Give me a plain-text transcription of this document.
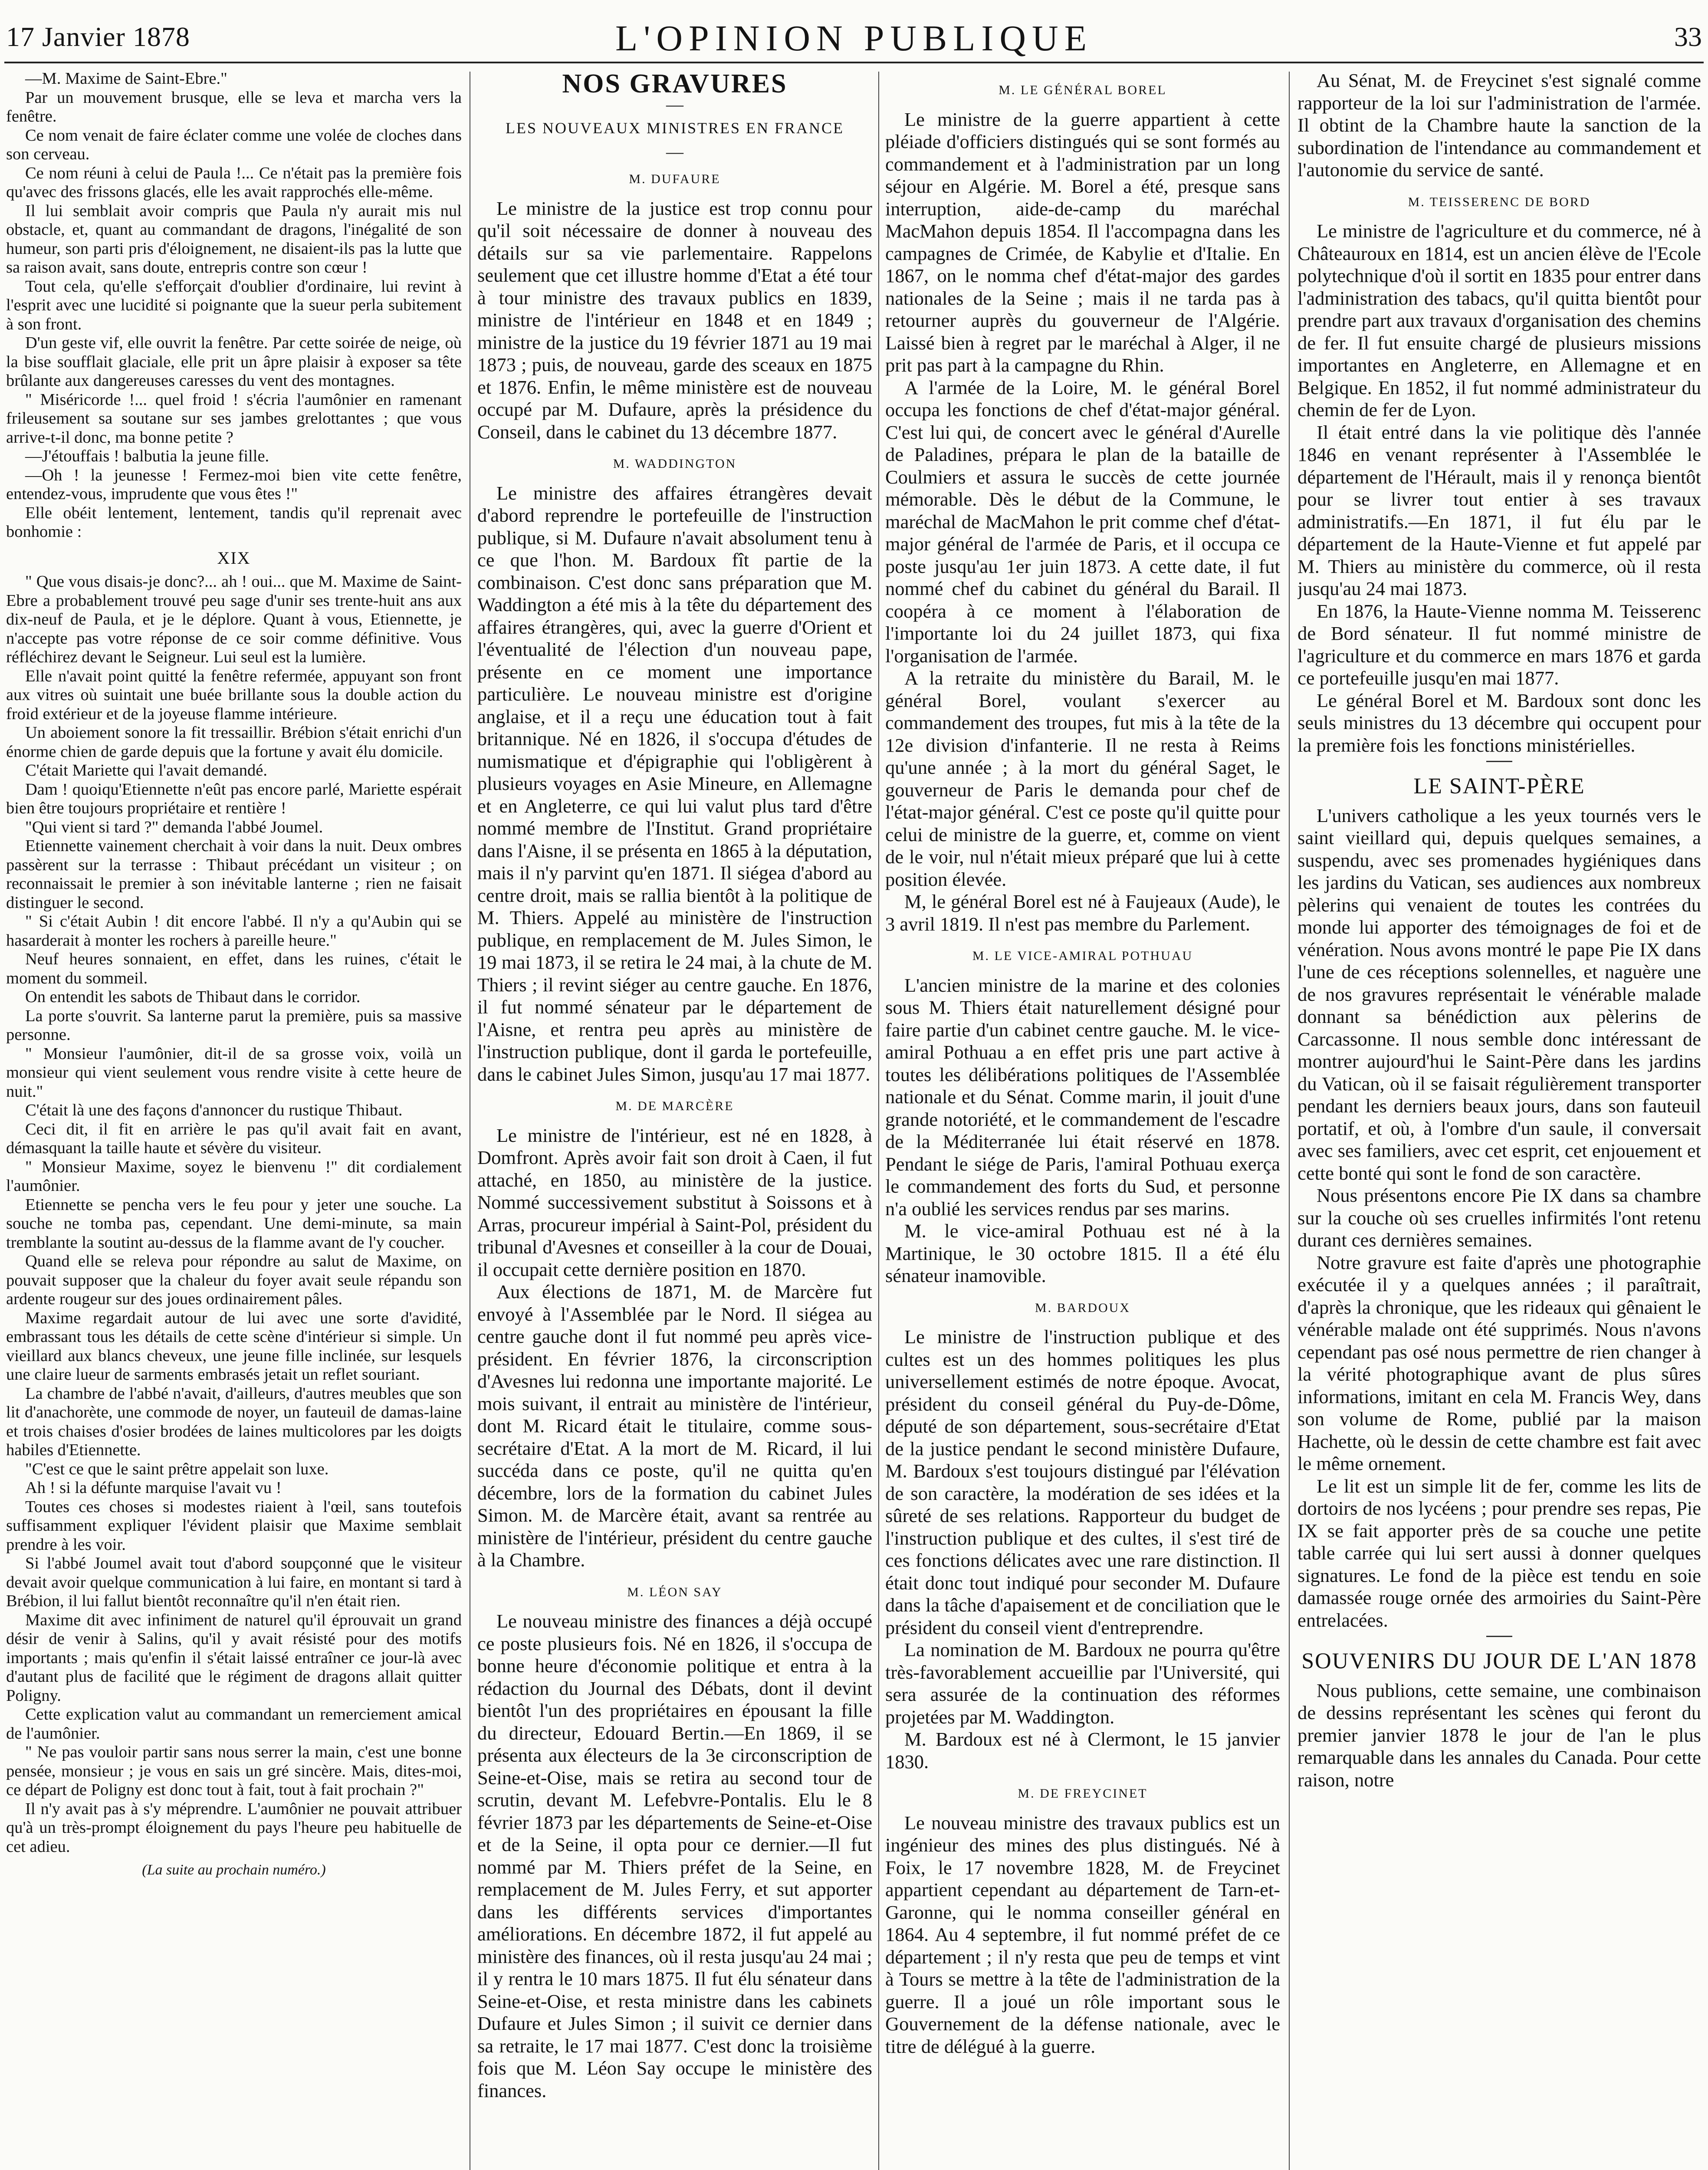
17 Janvier 1878	L'OPINION PUBLIQUE	33

—M. Maxime de Saint-Ebre."

Par un mouvement brusque, elle se leva et marcha vers la fenêtre.

Ce nom venait de faire éclater comme une volée de cloches dans son cerveau.

Ce nom réuni à celui de Paula !... Ce n'était pas la première fois qu'avec des frissons glacés, elle les avait rapprochés elle-même.

Il lui semblait avoir compris que Paula n'y aurait mis nul obstacle, et, quant au commandant de dragons, l'inégalité de son humeur, son parti pris d'éloignement, ne disaient-ils pas la lutte que sa raison avait, sans doute, entrepris contre son cœur !

Tout cela, qu'elle s'efforçait d'oublier d'ordinaire, lui revint à l'esprit avec une lucidité si poignante que la sueur perla subitement à son front.

D'un geste vif, elle ouvrit la fenêtre. Par cette soirée de neige, où la bise soufflait glaciale, elle prit un âpre plaisir à exposer sa tête brûlante aux dangereuses caresses du vent des montagnes.

" Miséricorde !... quel froid ! s'écria l'aumônier en ramenant frileusement sa soutane sur ses jambes grelottantes ; que vous arrive-t-il donc, ma bonne petite ?

—J'étouffais ! balbutia la jeune fille.

—Oh ! la jeunesse ! Fermez-moi bien vite cette fenêtre, entendez-vous, imprudente que vous êtes !"

Elle obéit lentement, lentement, tandis qu'il reprenait avec bonhomie :

XIX

" Que vous disais-je donc?... ah ! oui... que M. Maxime de Saint-Ebre a probablement trouvé peu sage d'unir ses trente-huit ans aux dix-neuf de Paula, et je le déplore. Quant à vous, Etiennette, je n'accepte pas votre réponse de ce soir comme définitive. Vous réfléchirez devant le Seigneur. Lui seul est la lumière.

Elle n'avait point quitté la fenêtre refermée, appuyant son front aux vitres où suintait une buée brillante sous la double action du froid extérieur et de la joyeuse flamme intérieure.

Un aboiement sonore la fit tressaillir. Brébion s'était enrichi d'un énorme chien de garde depuis que la fortune y avait élu domicile.

C'était Mariette qui l'avait demandé.

Dam ! quoiqu'Etiennette n'eût pas encore parlé, Mariette espérait bien être toujours propriétaire et rentière !

"Qui vient si tard ?" demanda l'abbé Joumel.

Etiennette vainement cherchait à voir dans la nuit. Deux ombres passèrent sur la terrasse : Thibaut précédant un visiteur ; on reconnaissait le premier à son inévitable lanterne ; rien ne faisait distinguer le second.

" Si c'était Aubin ! dit encore l'abbé. Il n'y a qu'Aubin qui se hasarderait à monter les rochers à pareille heure."

Neuf heures sonnaient, en effet, dans les ruines, c'était le moment du sommeil.

On entendit les sabots de Thibaut dans le corridor.

La porte s'ouvrit. Sa lanterne parut la première, puis sa massive personne.

" Monsieur l'aumônier, dit-il de sa grosse voix, voilà un monsieur qui vient seulement vous rendre visite à cette heure de nuit."

C'était là une des façons d'annoncer du rustique Thibaut.

Ceci dit, il fit en arrière le pas qu'il avait fait en avant, démasquant la taille haute et sévère du visiteur.

" Monsieur Maxime, soyez le bienvenu !" dit cordialement l'aumônier.

Etiennette se pencha vers le feu pour y jeter une souche. La souche ne tomba pas, cependant. Une demi-minute, sa main tremblante la soutint au-dessus de la flamme avant de l'y coucher.

Quand elle se releva pour répondre au salut de Maxime, on pouvait supposer que la chaleur du foyer avait seule répandu son ardente rougeur sur des joues ordinairement pâles.

Maxime regardait autour de lui avec une sorte d'avidité, embrassant tous les détails de cette scène d'intérieur si simple. Un vieillard aux blancs cheveux, une jeune fille inclinée, sur lesquels une claire lueur de sarments embrasés jetait un reflet souriant.

La chambre de l'abbé n'avait, d'ailleurs, d'autres meubles que son lit d'anachorète, une commode de noyer, un fauteuil de damas-laine et trois chaises d'osier brodées de laines multicolores par les doigts habiles d'Etiennette.

"C'est ce que le saint prêtre appelait son luxe.

Ah ! si la défunte marquise l'avait vu !

Toutes ces choses si modestes riaient à l'œil, sans toutefois suffisamment expliquer l'évident plaisir que Maxime semblait prendre à les voir.

Si l'abbé Joumel avait tout d'abord soupçonné que le visiteur devait avoir quelque communication à lui faire, en montant si tard à Brébion, il lui fallut bientôt reconnaître qu'il n'en était rien.

Maxime dit avec infiniment de naturel qu'il éprouvait un grand désir de venir à Salins, qu'il y avait résisté pour des motifs importants ; mais qu'enfin il s'était laissé entraîner ce jour-là avec d'autant plus de facilité que le régiment de dragons allait quitter Poligny.

Cette explication valut au commandant un remerciement amical de l'aumônier.

" Ne pas vouloir partir sans nous serrer la main, c'est une bonne pensée, monsieur ; je vous en sais un gré sincère. Mais, dites-moi, ce départ de Poligny est donc tout à fait, tout à fait prochain ?"

Il n'y avait pas à s'y méprendre. L'aumônier ne pouvait attribuer qu'à un très-prompt éloignement du pays l'heure peu habituelle de cet adieu.

(La suite au prochain numéro.)
NOS GRAVURES
—
LES NOUVEAUX MINISTRES EN FRANCE
—
M. DUFAURE

Le ministre de la justice est trop connu pour qu'il soit nécessaire de donner à nouveau des détails sur sa vie parlementaire. Rappelons seulement que cet illustre homme d'Etat a été tour à tour ministre des travaux publics en 1839, ministre de l'intérieur en 1848 et en 1849 ; ministre de la justice du 19 février 1871 au 19 mai 1873 ; puis, de nouveau, garde des sceaux en 1875 et 1876. Enfin, le même ministère est de nouveau occupé par M. Dufaure, après la présidence du Conseil, dans le cabinet du 13 décembre 1877.

M. WADDINGTON

Le ministre des affaires étrangères devait d'abord reprendre le portefeuille de l'instruction publique, si M. Dufaure n'avait absolument tenu à ce que l'hon. M. Bardoux fît partie de la combinaison. C'est donc sans préparation que M. Waddington a été mis à la tête du département des affaires étrangères, qui, avec la guerre d'Orient et l'éventualité de l'élection d'un nouveau pape, présente en ce moment une importance particulière. Le nouveau ministre est d'origine anglaise, et il a reçu une éducation tout à fait britannique. Né en 1826, il s'occupa d'études de numismatique et d'épigraphie qui l'obligèrent à plusieurs voyages en Asie Mineure, en Allemagne et en Angleterre, ce qui lui valut plus tard d'être nommé membre de l'Institut. Grand propriétaire dans l'Aisne, il se présenta en 1865 à la députation, mais il n'y parvint qu'en 1871. Il siégea d'abord au centre droit, mais se rallia bientôt à la politique de M. Thiers. Appelé au ministère de l'instruction publique, en remplacement de M. Jules Simon, le 19 mai 1873, il se retira le 24 mai, à la chute de M. Thiers ; il revint siéger au centre gauche. En 1876, il fut nommé sénateur par le département de l'Aisne, et rentra peu après au ministère de l'instruction publique, dont il garda le portefeuille, dans le cabinet Jules Simon, jusqu'au 17 mai 1877.

M. DE MARCÈRE

Le ministre de l'intérieur, est né en 1828, à Domfront. Après avoir fait son droit à Caen, il fut attaché, en 1850, au ministère de la justice. Nommé successivement substitut à Soissons et à Arras, procureur impérial à Saint-Pol, président du tribunal d'Avesnes et conseiller à la cour de Douai, il occupait cette dernière position en 1870.

Aux élections de 1871, M. de Marcère fut envoyé à l'Assemblée par le Nord. Il siégea au centre gauche dont il fut nommé peu après vice-président. En février 1876, la circonscription d'Avesnes lui redonna une importante majorité. Le mois suivant, il entrait au ministère de l'intérieur, dont M. Ricard était le titulaire, comme sous-secrétaire d'Etat. A la mort de M. Ricard, il lui succéda dans ce poste, qu'il ne quitta qu'en décembre, lors de la formation du cabinet Jules Simon. M. de Marcère était, avant sa rentrée au ministère de l'intérieur, président du centre gauche à la Chambre.

M. LÉON SAY

Le nouveau ministre des finances a déjà occupé ce poste plusieurs fois. Né en 1826, il s'occupa de bonne heure d'économie politique et entra à la rédaction du Journal des Débats, dont il devint bientôt l'un des propriétaires en épousant la fille du directeur, Edouard Bertin.—En 1869, il se présenta aux électeurs de la 3e circonscription de Seine-et-Oise, mais se retira au second tour de scrutin, devant M. Lefebvre-Pontalis. Elu le 8 février 1873 par les départements de Seine-et-Oise et de la Seine, il opta pour ce dernier.—Il fut nommé par M. Thiers préfet de la Seine, en remplacement de M. Jules Ferry, et sut apporter dans les différents services d'importantes améliorations. En décembre 1872, il fut appelé au ministère des finances, où il resta jusqu'au 24 mai ; il y rentra le 10 mars 1875. Il fut élu sénateur dans Seine-et-Oise, et resta ministre dans les cabinets Dufaure et Jules Simon ; il suivit ce dernier dans sa retraite, le 17 mai 1877. C'est donc la troisième fois que M. Léon Say occupe le ministère des finances.

M. LE GÉNÉRAL BOREL

Le ministre de la guerre appartient à cette pléiade d'officiers distingués qui se sont formés au commandement et à l'administration par un long séjour en Algérie. M. Borel a été, presque sans interruption, aide-de-camp du maréchal MacMahon depuis 1854. Il l'accompagna dans les campagnes de Crimée, de Kabylie et d'Italie. En 1867, on le nomma chef d'état-major des gardes nationales de la Seine ; mais il ne tarda pas à retourner auprès du gouverneur de l'Algérie. Laissé bien à regret par le maréchal à Alger, il ne prit pas part à la campagne du Rhin.

A l'armée de la Loire, M. le général Borel occupa les fonctions de chef d'état-major général. C'est lui qui, de concert avec le général d'Aurelle de Paladines, prépara le plan de la bataille de Coulmiers et assura le succès de cette journée mémorable. Dès le début de la Commune, le maréchal de MacMahon le prit comme chef d'état-major général de l'armée de Paris, et il occupa ce poste jusqu'au 1er juin 1873. A cette date, il fut nommé chef du cabinet du général du Barail. Il coopéra à ce moment à l'élaboration de l'importante loi du 24 juillet 1873, qui fixa l'organisation de l'armée.

A la retraite du ministère du Barail, M. le général Borel, voulant s'exercer au commandement des troupes, fut mis à la tête de la 12e division d'infanterie. Il ne resta à Reims qu'une année ; à la mort du général Saget, le gouverneur de Paris le demanda pour chef de l'état-major général. C'est ce poste qu'il quitte pour celui de ministre de la guerre, et, comme on vient de le voir, nul n'était mieux préparé que lui à cette position élevée.

M, le général Borel est né à Faujeaux (Aude), le 3 avril 1819. Il n'est pas membre du Parlement.

M. LE VICE-AMIRAL POTHUAU

L'ancien ministre de la marine et des colonies sous M. Thiers était naturellement désigné pour faire partie d'un cabinet centre gauche. M. le vice-amiral Pothuau a en effet pris une part active à toutes les délibérations politiques de l'Assemblée nationale et du Sénat. Comme marin, il jouit d'une grande notoriété, et le commandement de l'escadre de la Méditerranée lui était réservé en 1878. Pendant le siége de Paris, l'amiral Pothuau exerça le commandement des forts du Sud, et personne n'a oublié les services rendus par ses marins.

M. le vice-amiral Pothuau est né à la Martinique, le 30 octobre 1815. Il a été élu sénateur inamovible.

M. BARDOUX

Le ministre de l'instruction publique et des cultes est un des hommes politiques les plus universellement estimés de notre époque. Avocat, président du conseil général du Puy-de-Dôme, député de son département, sous-secrétaire d'Etat de la justice pendant le second ministère Dufaure, M. Bardoux s'est toujours distingué par l'élévation de son caractère, la modération de ses idées et la sûreté de ses relations. Rapporteur du budget de l'instruction publique et des cultes, il s'est tiré de ces fonctions délicates avec une rare distinction. Il était donc tout indiqué pour seconder M. Dufaure dans la tâche d'apaisement et de conciliation que le président du conseil vient d'entreprendre.

La nomination de M. Bardoux ne pourra qu'être très-favorablement accueillie par l'Université, qui sera assurée de la continuation des réformes projetées par M. Waddington.

M. Bardoux est né à Clermont, le 15 janvier 1830.

M. DE FREYCINET

Le nouveau ministre des travaux publics est un ingénieur des mines des plus distingués. Né à Foix, le 17 novembre 1828, M. de Freycinet appartient cependant au département de Tarn-et-Garonne, qui le nomma conseiller général en 1864. Au 4 septembre, il fut nommé préfet de ce département ; il n'y resta que peu de temps et vint à Tours se mettre à la tête de l'administration de la guerre. Il a joué un rôle important sous le Gouvernement de la défense nationale, avec le titre de délégué à la guerre.

Au Sénat, M. de Freycinet s'est signalé comme rapporteur de la loi sur l'administration de l'armée. Il obtint de la Chambre haute la sanction de la subordination de l'intendance au commandement et l'autonomie du service de santé.

M. TEISSERENC DE BORD

Le ministre de l'agriculture et du commerce, né à Châteauroux en 1814, est un ancien élève de l'Ecole polytechnique d'où il sortit en 1835 pour entrer dans l'administration des tabacs, qu'il quitta bientôt pour prendre part aux travaux d'organisation des chemins de fer. Il fut ensuite chargé de plusieurs missions importantes en Angleterre, en Allemagne et en Belgique. En 1852, il fut nommé administrateur du chemin de fer de Lyon.

Il était entré dans la vie politique dès l'année 1846 en venant représenter à l'Assemblée le département de l'Hérault, mais il y renonça bientôt pour se livrer tout entier à ses travaux administratifs.—En 1871, il fut élu par le département de la Haute-Vienne et fut appelé par M. Thiers au ministère du commerce, où il resta jusqu'au 24 mai 1873.

En 1876, la Haute-Vienne nomma M. Teisserenc de Bord sénateur. Il fut nommé ministre de l'agriculture et du commerce en mars 1876 et garda ce portefeuille jusqu'en mai 1877.

Le général Borel et M. Bardoux sont donc les seuls ministres du 13 décembre qui occupent pour la première fois les fonctions ministérielles.

LE SAINT-PÈRE

L'univers catholique a les yeux tournés vers le saint vieillard qui, depuis quelques semaines, a suspendu, avec ses promenades hygiéniques dans les jardins du Vatican, ses audiences aux nombreux pèlerins qui venaient de toutes les contrées du monde lui apporter des témoignages de foi et de vénération. Nous avons montré le pape Pie IX dans l'une de ces réceptions solennelles, et naguère une de nos gravures représentait le vénérable malade donnant sa bénédiction aux pèlerins de Carcassonne. Il nous semble donc intéressant de montrer aujourd'hui le Saint-Père dans les jardins du Vatican, où il se faisait régulièrement transporter pendant les derniers beaux jours, dans son fauteuil portatif, et où, à l'ombre d'un saule, il conversait avec ses familiers, avec cet esprit, cet enjouement et cette bonté qui sont le fond de son caractère.

Nous présentons encore Pie IX dans sa chambre sur la couche où ses cruelles infirmités l'ont retenu durant ces dernières semaines.

Notre gravure est faite d'après une photographie exécutée il y a quelques années ; il paraîtrait, d'après la chronique, que les rideaux qui gênaient le vénérable malade ont été supprimés. Nous n'avons cependant pas osé nous permettre de rien changer à la vérité photographique avant de plus sûres informations, imitant en cela M. Francis Wey, dans son volume de Rome, publié par la maison Hachette, où le dessin de cette chambre est fait avec le même ornement.

Le lit est un simple lit de fer, comme les lits de dortoirs de nos lycéens ; pour prendre ses repas, Pie IX se fait apporter près de sa couche une petite table carrée qui lui sert aussi à donner quelques signatures. Le fond de la pièce est tendu en soie damassée rouge ornée des armoiries du Saint-Père entrelacées.

SOUVENIRS DU JOUR DE L'AN 1878

Nous publions, cette semaine, une combinaison de dessins représentant les scènes qui feront du premier janvier 1878 le jour de l'an le plus remarquable dans les annales du Canada. Pour cette raison, notre
